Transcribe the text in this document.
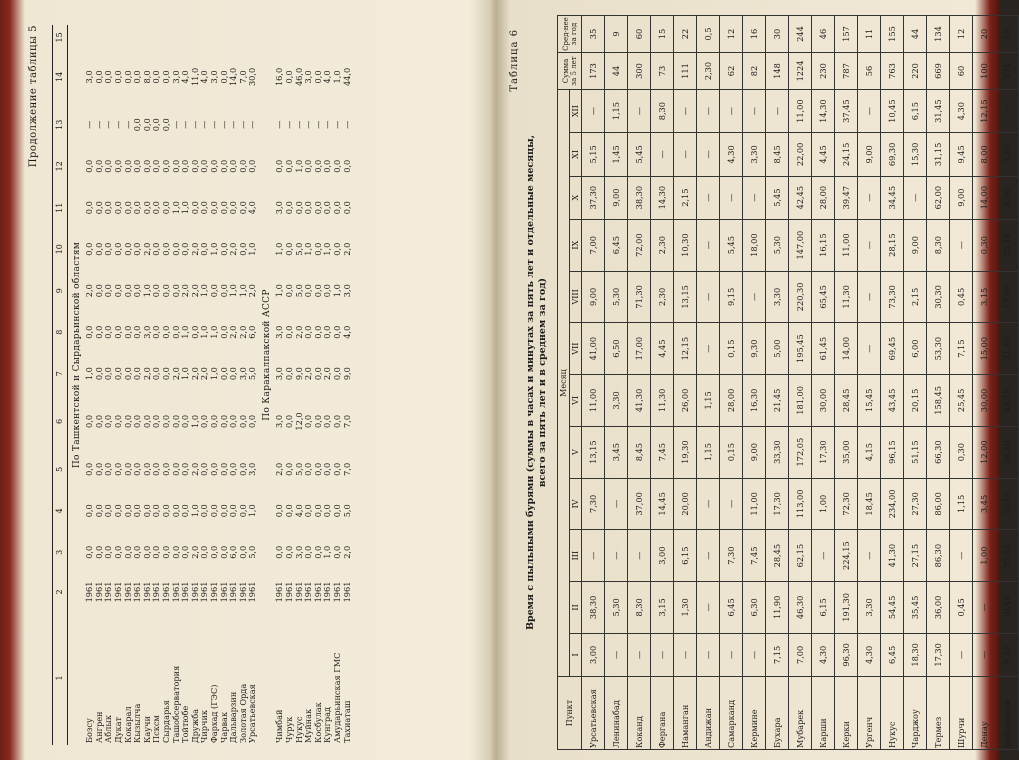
Продолжение таблицы 5
1	2	3	4	5	6	7	8	9	10	11	12	13	14	15
По Ташкентской и Сырдарьинской областям														
Бозсу	1961	0,0	0,0	0,0	0,0	1,0	0,0	2,0	0,0	0,0	0,0	—	3,0	
Ангрен	1961	0,0	0,0	0,0	0,0	0,0	0,0	0,0	0,0	0,0	0,0	—	0,0	
Аблык	1961	0,0	0,0	0,0	0,0	0,0	0,0	0,0	0,0	0,0	0,0	—	0,0	
Дукат	1961	0,0	0,0	0,0	0,0	0,0	0,0	0,0	0,0	0,0	0,0	—	0,0	
Кокарал	1961	0,0	0,0	0,0	0,0	0,0	0,0	0,0	0,0	0,0	0,0	—	0,0	
Кызылча	1961	0,0	0,0	0,0	0,0	0,0	0,0	0,0	0,0	0,0	0,0	0,0	0,0	
Каучи	1961	0,0	0,0	0,0	0,0	2,0	3,0	1,0	2,0	0,0	0,0	0,0	8,0	
Псксм	1961	0,0	0,0	0,0	0,0	0,0	0,0	0,0	0,0	0,0	0,0	0,0	0,0	
Сырдарья	1961	0,0	0,0	0,0	0,0	0,0	0,0	0,0	0,0	0,0	0,0	0,0	0,0	
Ташобсерватория	1961	0,0	0,0	0,0	0,0	2,0	0,0	0,0	0,0	1,0	0,0	—	3,0	
Тойтюбе	1961	0,0	0,0	0,0	0,0	1,0	1,0	2,0	0,0	1,0	0,0	—	4,0	
Дружба	1961	2,0	1,0	2,0	1,0	2,0	0,0	2,0	2,0	0,0	0,0	—	11,0	
Чирчик	1961	0,0	0,0	0,0	0,0	2,0	1,0	1,0	0,0	0,0	0,0	—	4,0	
Фархад (ГЭС)	1961	0,0	0,0	0,0	0,0	1,0	1,0	0,0	1,0	0,0	0,0	—	3,0	
Чарвак	1961	0,0	0,0	0,0	0,0	0,0	0,0	0,0	0,0	0,0	0,0	—	0,0	
Дальварзин	1961	6,0	0,0	0,0	0,0	0,0	2,0	1,0	2,0	0,0	0,0	—	14,0	
Золотая Орда	1961	0,0	0,0	0,0	0,0	3,0	2,0	1,0	0,0	0,0	0,0	—	7,0	
Урсатьевская	1961	5,0	1,0	3,0	0,0	5,0	6,0	2,0	1,0	4,0	0,0	—	30,0	
По Каракалпакской АССР														
Чимбай	1961	0,0	0,0	2,0	3,0	3,0	3,0	1,0	1,0	3,0	0,0	—	16,0	
Чурук	1961	0,0	0,0	0,0	0,0	0,0	0,0	0,0	0,0	0,0	0,0	—	0,0	
Нукус	1961	3,0	4,0	5,0	12,0	9,0	2,0	5,0	5,0	0,0	1,0	—	46,0	
Муйнак	1961	0,0	0,0	0,0	0,0	2,0	0,0	0,0	1,0	0,0	0,0	—	3,0	
Косбулак	1961	0,0	0,0	0,0	0,0	0,0	0,0	0,0	0,0	0,0	0,0	—	0,0	
Кунград	1961	1,0	0,0	0,0	0,0	2,0	0,0	0,0	1,0	0,0	0,0	—	4,0	
Амударьинская ГМС	1961	0,0	0,0	0,0	0,0	0,0	0,0	1,0	0,0	0,0	0,0	—	1,0	
Тахиаташ	1961	2,0	5,0	7,0	7,0	9,0	4,0	3,0	2,0	0,0	0,0	—	44,0		Таблица 6
Время с пыльными бурями (суммы в часах и минутах за пять лет и отдельные месяцы, всего за пять лет и в среднем за год)
Пункт	Месяц												Сумма за 5 лет	Сред-нее за год
	I	II	III	IV	V	VI	VII	VIII	IX	X	XI	XII		
Урсатьевская	3,00	38,30	—	7,30	13,15	11,00	41,00	9,00	7,00	37,30	5,15	—	173	35
Ленинабад	—	5,30	—	—	3,45	3,30	6,50	5,30	6,45	9,00	1,45	1,15	44	9
Коканд	—	8,30	—	37,00	8,45	41,30	17,00	71,30	72,00	38,30	5,45	—	300	60
Фергана	—	3,15	3,00	14,45	7,45	11,30	4,45	2,30	2,30	14,30	—	8,30	73	15
Наманган	—	1,30	6,15	20,00	19,30	26,00	12,15	13,15	10,30	2,15	—	—	111	22
Андижан	—	—	—	—	1,15	1,15	—	—	—	—	—	—	2,30	0,5
Самарканд	—	6,45	7,30	—	0,15	28,00	0,15	9,15	5,45	—	4,30	—	62	12
Кермине	—	6,30	7,45	11,00	9,00	16,30	9,30	—	18,00	—	3,30	—	82	16
Бухара	7,15	11,90	28,45	17,30	33,30	21,45	5,00	3,30	5,30	5,45	8,45	—	148	30
Мубарек	7,00	46,30	62,15	113,00	172,05	181,00	195,45	220,30	147,00	42,45	22,00	11,00	1224	244
Карши	4,30	6,15	—	1,00	17,30	30,00	61,45	65,45	16,15	28,00	4,45	14,30	230	46
Керки	96,30	191,30	224,15	72,30	35,00	28,45	14,00	11,30	11,00	39,47	24,15	37,45	787	157
Ургенч	4,30	3,30	—	18,45	4,15	15,45	—	—	—	—	9,00	—	56	11
Нукус	6,45	54,45	41,30	234,00	96,15	43,45	69,45	73,30	28,15	34,45	69,30	10,45	763	155
Чарджоу	18,30	35,45	27,15	27,30	51,15	20,15	6,00	2,15	9,00	—	15,30	6,15	220	44
Термез	17,30	36,00	86,30	86,00	66,30	158,45	53,30	30,30	8,30	62,00	31,15	31,45	669	134
Шурчи	—	0,45	—	1,15	0,30	25,45	7,15	0,45	—	9,00	9,45	4,30	60	12
Денау	—	—	1,00	3,45	12,00	30,00	15,00	3,15	0,30	14,00	8,00	12,15	100	20
Байрамали	9,45	30,45	35,15	30,15	36,30	46,15	31,45	17,00	25,15	8,00	3,30	—	274	55
